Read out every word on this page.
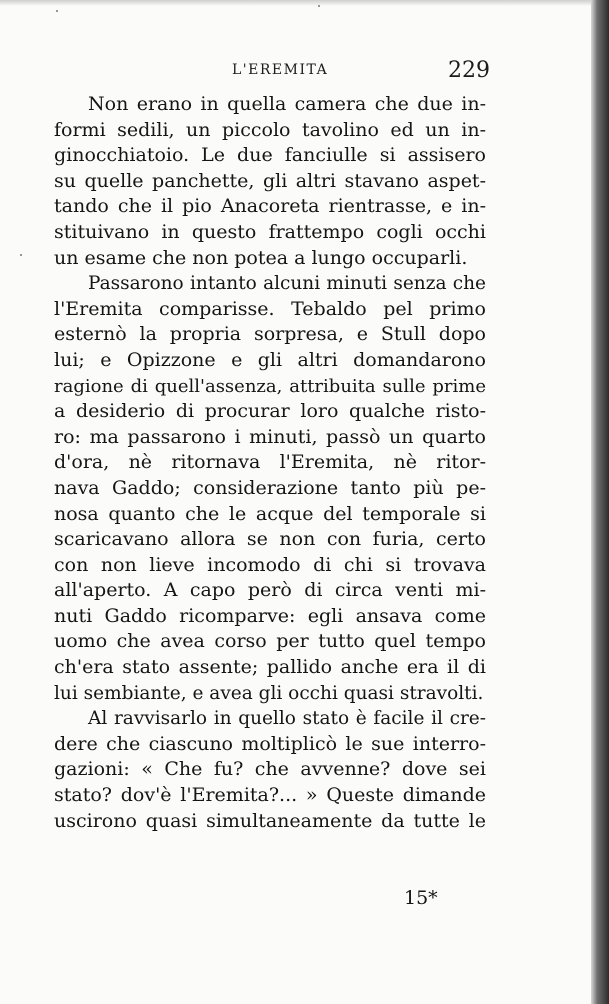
L'EREMITA	229

Non erano in quella camera che due in-
formi sedili, un piccolo tavolino ed un in-
ginocchiatoio. Le due fanciulle si assisero
su quelle panchette, gli altri stavano aspet-
tando che il pio Anacoreta rientrasse, e in-
stituivano in questo frattempo cogli occhi
un esame che non potea a lungo occuparli.

Passarono intanto alcuni minuti senza che
l'Eremita comparisse. Tebaldo pel primo
esternò la propria sorpresa, e Stull dopo
lui; e Opizzone e gli altri domandarono
ragione di quell'assenza, attribuita sulle prime
a desiderio di procurar loro qualche risto-
ro: ma passarono i minuti, passò un quarto
d'ora, nè ritornava l'Eremita, nè ritor-
nava Gaddo; considerazione tanto più pe-
nosa quanto che le acque del temporale si
scaricavano allora se non con furia, certo
con non lieve incomodo di chi si trovava
all'aperto. A capo però di circa venti mi-
nuti Gaddo ricomparve: egli ansava come
uomo che avea corso per tutto quel tempo
ch'era stato assente; pallido anche era il di
lui sembiante, e avea gli occhi quasi stravolti.

Al ravvisarlo in quello stato è facile il cre-
dere che ciascuno moltiplicò le sue interro-
gazioni: « Che fu? che avvenne? dove sei
stato? dov'è l'Eremita?... » Queste dimande
uscirono quasi simultaneamente da tutte le

15*
